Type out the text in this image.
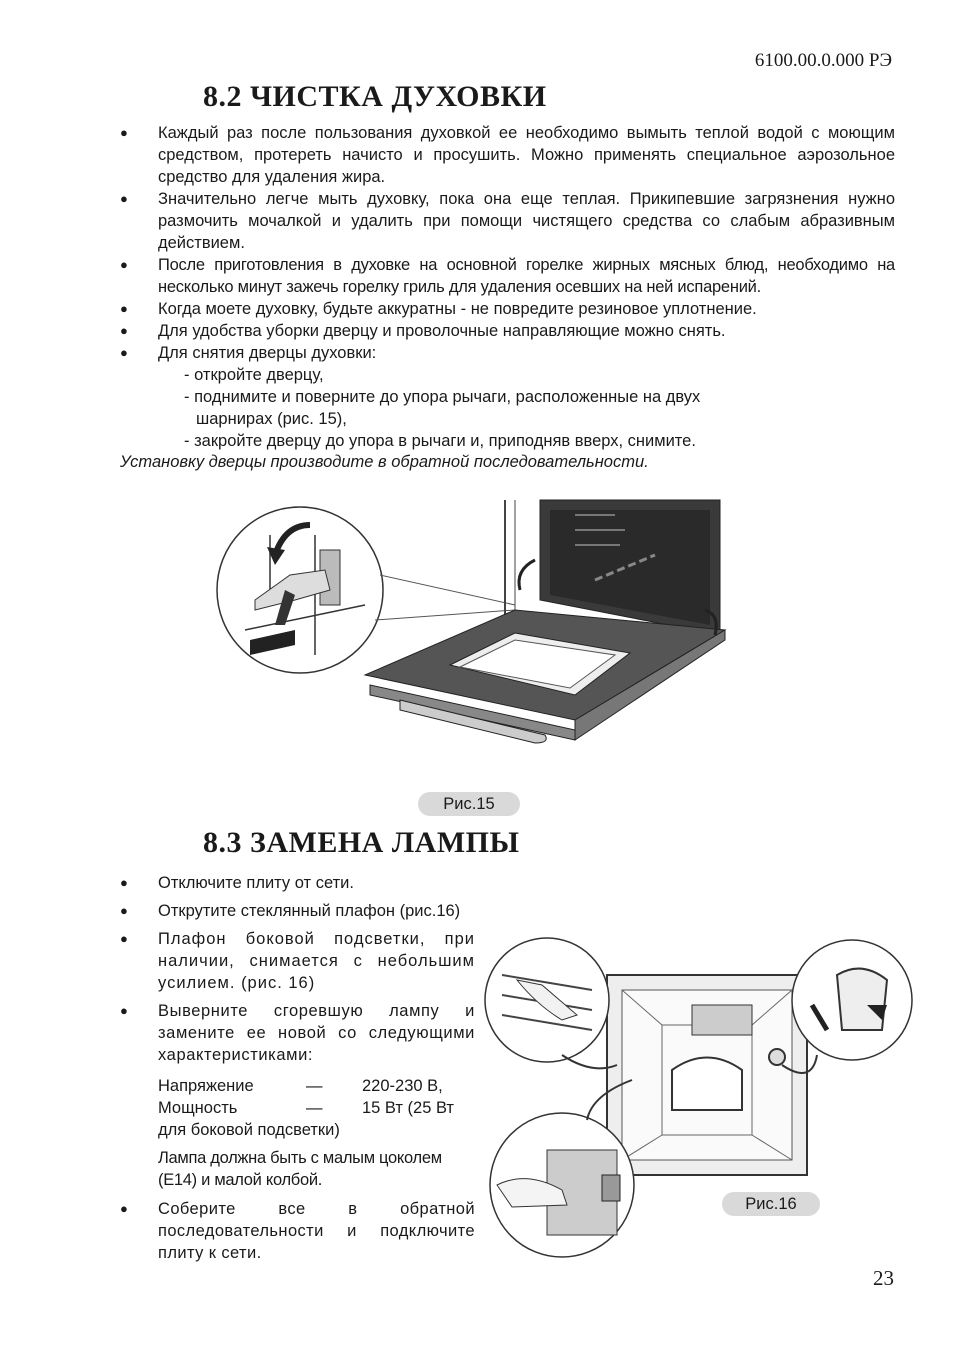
6100.00.0.000 РЭ
8.2 ЧИСТКА ДУХОВКИ
● Каждый раз после пользования духовкой ее необходимо вымыть теплой водой с моющим средством, протереть начисто и просушить. Можно применять специальное аэрозольное средство для удаления жира.
● Значительно легче мыть духовку, пока она еще теплая. Прикипевшие загрязнения нужно размочить мочалкой и удалить при помощи чистящего средства со слабым абразивным действием.
● После приготовления в духовке на основной горелке жирных мясных блюд, необходимо на несколько минут зажечь горелку гриль для удаления осевших на ней испарений.
● Когда моете духовку, будьте аккуратны - не повредите резиновое уплотнение.
● Для удобства уборки дверцу и проволочные направляющие можно снять.
● Для снятия дверцы духовки:
- откройте дверцу,
- поднимите и поверните до упора рычаги, расположенные на двух
шарнирах (рис. 15),
- закройте дверцу до упора в рычаги и, приподняв вверх, снимите.
Установку дверцы производите в обратной последовательности.
Рис.15
8.3 ЗАМЕНА ЛАМПЫ
● Отключите плиту от сети.
● Открутите стеклянный плафон (рис.16)
● Плафон боковой подсветки, при наличии, снимается с небольшим усилием. (рис. 16)
● Выверните сгоревшую лампу и замените ее новой со следующими характеристиками:
Напряжение	—	220-230 В,
Мощность	—	15 Вт (25 Вт
для боковой подсветки)
Лампа должна быть с малым цоколем (Е14) и малой колбой.
● Соберите все в обратной последовательности и подключите плиту к сети.
Рис.16
23
